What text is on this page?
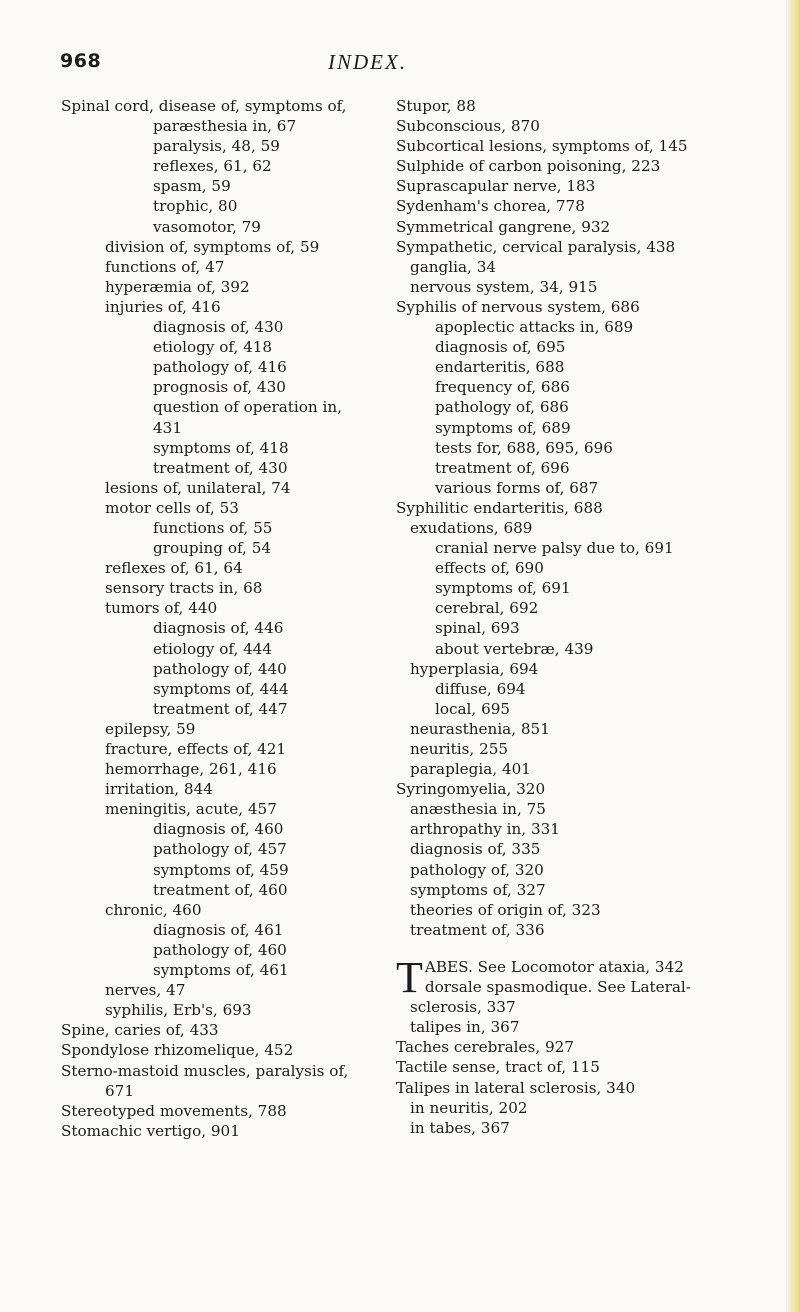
968	INDEX.
Spinal cord, disease of, symptoms of,
paræsthesia in, 67
paralysis, 48, 59
reflexes, 61, 62
spasm, 59
trophic, 80
vasomotor, 79
division of, symptoms of, 59
functions of, 47
hyperæmia of, 392
injuries of, 416
diagnosis of, 430
etiology of, 418
pathology of, 416
prognosis of, 430
question of operation in,
431
symptoms of, 418
treatment of, 430
lesions of, unilateral, 74
motor cells of, 53
functions of, 55
grouping of, 54
reflexes of, 61, 64
sensory tracts in, 68
tumors of, 440
diagnosis of, 446
etiology of, 444
pathology of, 440
symptoms of, 444
treatment of, 447
epilepsy, 59
fracture, effects of, 421
hemorrhage, 261, 416
irritation, 844
meningitis, acute, 457
diagnosis of, 460
pathology of, 457
symptoms of, 459
treatment of, 460
chronic, 460
diagnosis of, 461
pathology of, 460
symptoms of, 461
nerves, 47
syphilis, Erb's, 693
Spine, caries of, 433
Spondylose rhizomelique, 452
Sterno-mastoid muscles, paralysis of,
671
Stereotyped movements, 788
Stomachic vertigo, 901
Stupor, 88
Subconscious, 870
Subcortical lesions, symptoms of, 145
Sulphide of carbon poisoning, 223
Suprascapular nerve, 183
Sydenham's chorea, 778
Symmetrical gangrene, 932
Sympathetic, cervical paralysis, 438
ganglia, 34
nervous system, 34, 915
Syphilis of nervous system, 686
apoplectic attacks in, 689
diagnosis of, 695
endarteritis, 688
frequency of, 686
pathology of, 686
symptoms of, 689
tests for, 688, 695, 696
treatment of, 696
various forms of, 687
Syphilitic endarteritis, 688
exudations, 689
cranial nerve palsy due to, 691
effects of, 690
symptoms of, 691
cerebral, 692
spinal, 693
about vertebræ, 439
hyperplasia, 694
diffuse, 694
local, 695
neurasthenia, 851
neuritis, 255
paraplegia, 401
Syringomyelia, 320
anæsthesia in, 75
arthropathy in, 331
diagnosis of, 335
pathology of, 320
symptoms of, 327
theories of origin of, 323
treatment of, 336
T ABES. See Locomotor ataxia, 342
dorsale spasmodique. See Lateral-
sclerosis, 337
talipes in, 367
Taches cerebrales, 927
Tactile sense, tract of, 115
Talipes in lateral sclerosis, 340
in neuritis, 202
in tabes, 367
